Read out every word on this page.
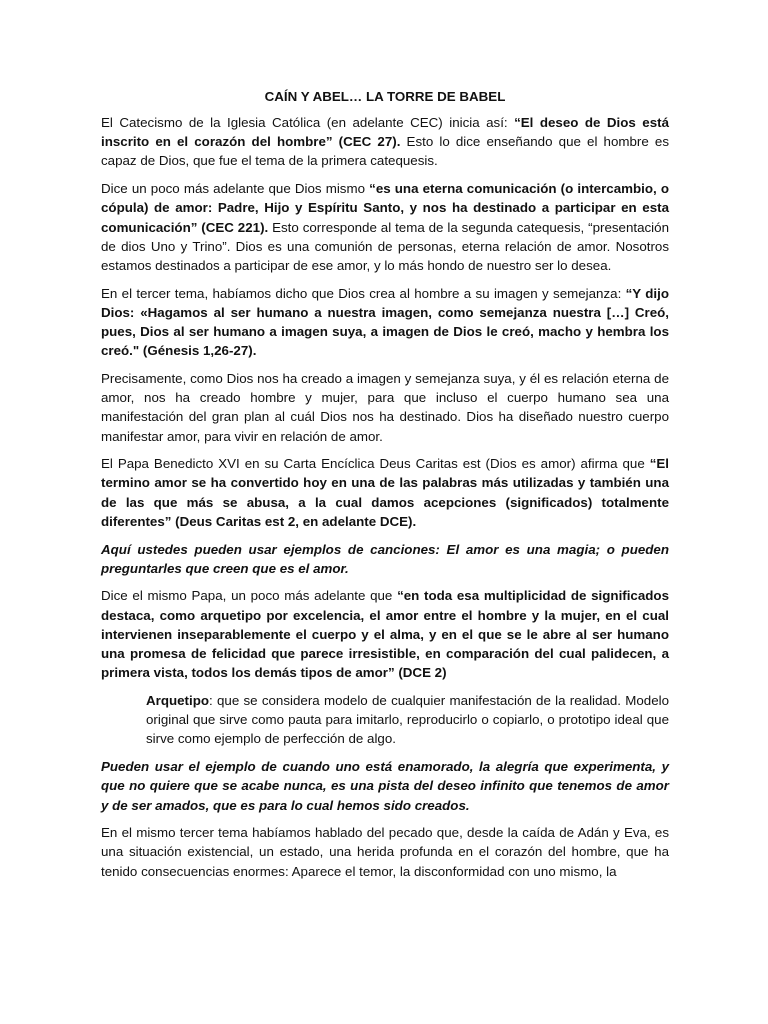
CAÍN Y ABEL… LA TORRE DE BABEL

El Catecismo de la Iglesia Católica (en adelante CEC) inicia así: “El deseo de Dios está inscrito en el corazón del hombre” (CEC 27). Esto lo dice enseñando que el hombre es capaz de Dios, que fue el tema de la primera catequesis.

Dice un poco más adelante que Dios mismo “es una eterna comunicación (o intercambio, o cópula) de amor: Padre, Hijo y Espíritu Santo, y nos ha destinado a participar en esta comunicación” (CEC 221). Esto corresponde al tema de la segunda catequesis, “presentación de dios Uno y Trino”. Dios es una comunión de personas, eterna relación de amor. Nosotros estamos destinados a participar de ese amor, y lo más hondo de nuestro ser lo desea.

En el tercer tema, habíamos dicho que Dios crea al hombre a su imagen y semejanza: “Y dijo Dios: «Hagamos al ser humano a nuestra imagen, como semejanza nuestra […] Creó, pues, Dios al ser humano a imagen suya, a imagen de Dios le creó, macho y hembra los creó." (Génesis 1,26-27).

Precisamente, como Dios nos ha creado a imagen y semejanza suya, y él es relación eterna de amor, nos ha creado hombre y mujer, para que incluso el cuerpo humano sea una manifestación del gran plan al cuál Dios nos ha destinado. Dios ha diseñado nuestro cuerpo manifestar amor, para vivir en relación de amor.

El Papa Benedicto XVI en su Carta Encíclica Deus Caritas est (Dios es amor) afirma que “El termino amor se ha convertido hoy en una de las palabras más utilizadas y también una de las que más se abusa, a la cual damos acepciones (significados) totalmente diferentes” (Deus Caritas est 2, en adelante DCE).

Aquí ustedes pueden usar ejemplos de canciones: El amor es una magia; o pueden preguntarles que creen que es el amor.

Dice el mismo Papa, un poco más adelante que “en toda esa multiplicidad de significados destaca, como arquetipo por excelencia, el amor entre el hombre y la mujer, en el cual intervienen inseparablemente el cuerpo y el alma, y en el que se le abre al ser humano una promesa de felicidad que parece irresistible, en comparación del cual palidecen, a primera vista, todos los demás tipos de amor” (DCE 2)

Arquetipo: que se considera modelo de cualquier manifestación de la realidad. Modelo original que sirve como pauta para imitarlo, reproducirlo o copiarlo, o prototipo ideal que sirve como ejemplo de perfección de algo.

Pueden usar el ejemplo de cuando uno está enamorado, la alegría que experimenta, y que no quiere que se acabe nunca, es una pista del deseo infinito que tenemos de amor y de ser amados, que es para lo cual hemos sido creados.

En el mismo tercer tema habíamos hablado del pecado que, desde la caída de Adán y Eva, es una situación existencial, un estado, una herida profunda en el corazón del hombre, que ha tenido consecuencias enormes: Aparece el temor, la disconformidad con uno mismo, la
